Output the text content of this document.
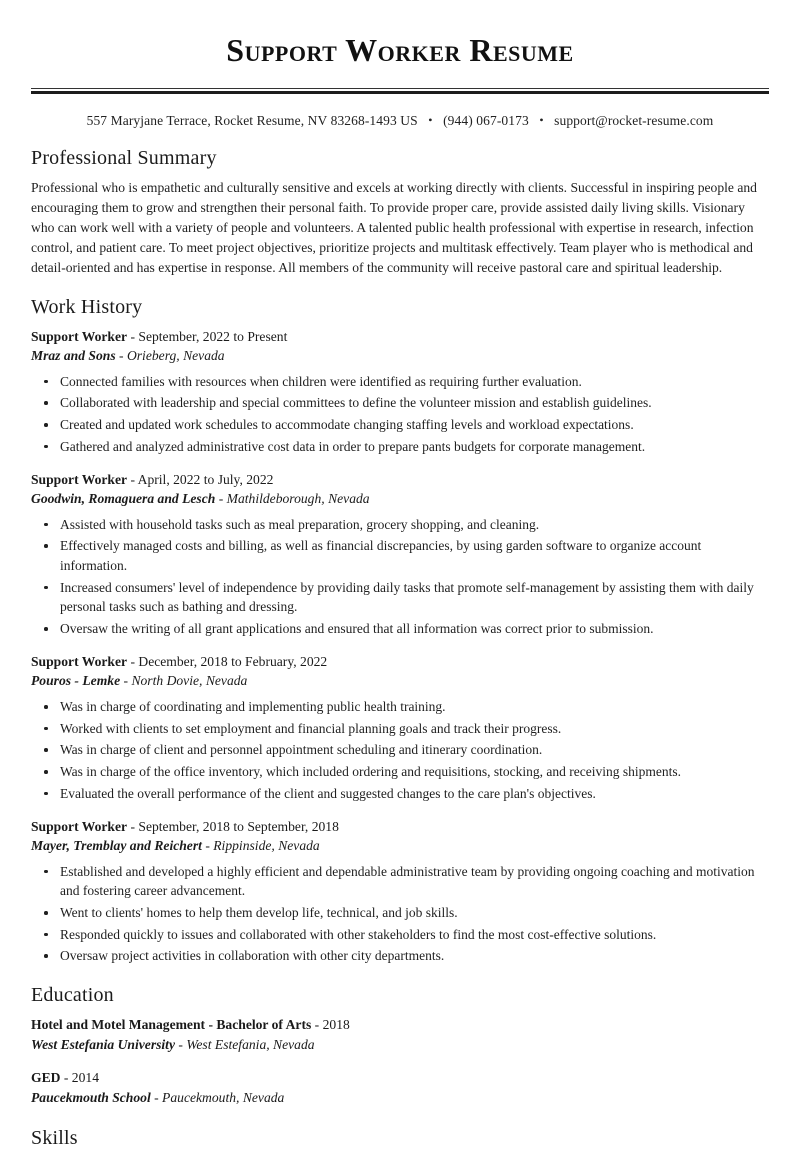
Support Worker Resume
557 Maryjane Terrace, Rocket Resume, NV 83268-1493 US • (944) 067-0173 • support@rocket-resume.com
Professional Summary

Professional who is empathetic and culturally sensitive and excels at working directly with clients. Successful in inspiring people and encouraging them to grow and strengthen their personal faith. To provide proper care, provide assisted daily living skills. Visionary who can work well with a variety of people and volunteers. A talented public health professional with expertise in research, infection control, and patient care. To meet project objectives, prioritize projects and multitask effectively. Team player who is methodical and detail-oriented and has expertise in response. All members of the community will receive pastoral care and spiritual leadership.

Work History
Support Worker - September, 2022 to Present
Mraz and Sons - Orieberg, Nevada
Connected families with resources when children were identified as requiring further evaluation.
Collaborated with leadership and special committees to define the volunteer mission and establish guidelines.
Created and updated work schedules to accommodate changing staffing levels and workload expectations.
Gathered and analyzed administrative cost data in order to prepare pants budgets for corporate management.
Support Worker - April, 2022 to July, 2022
Goodwin, Romaguera and Lesch - Mathildeborough, Nevada
Assisted with household tasks such as meal preparation, grocery shopping, and cleaning.
Effectively managed costs and billing, as well as financial discrepancies, by using garden software to organize account information.
Increased consumers' level of independence by providing daily tasks that promote self-management by assisting them with daily personal tasks such as bathing and dressing.
Oversaw the writing of all grant applications and ensured that all information was correct prior to submission.
Support Worker - December, 2018 to February, 2022
Pouros - Lemke - North Dovie, Nevada
Was in charge of coordinating and implementing public health training.
Worked with clients to set employment and financial planning goals and track their progress.
Was in charge of client and personnel appointment scheduling and itinerary coordination.
Was in charge of the office inventory, which included ordering and requisitions, stocking, and receiving shipments.
Evaluated the overall performance of the client and suggested changes to the care plan's objectives.
Support Worker - September, 2018 to September, 2018
Mayer, Tremblay and Reichert - Rippinside, Nevada
Established and developed a highly efficient and dependable administrative team by providing ongoing coaching and motivation and fostering career advancement.
Went to clients' homes to help them develop life, technical, and job skills.
Responded quickly to issues and collaborated with other stakeholders to find the most cost-effective solutions.
Oversaw project activities in collaboration with other city departments.
Education
Hotel and Motel Management - Bachelor of Arts - 2018
West Estefania University - West Estefania, Nevada
GED - 2014
Paucekmouth School - Paucekmouth, Nevada
Skills
